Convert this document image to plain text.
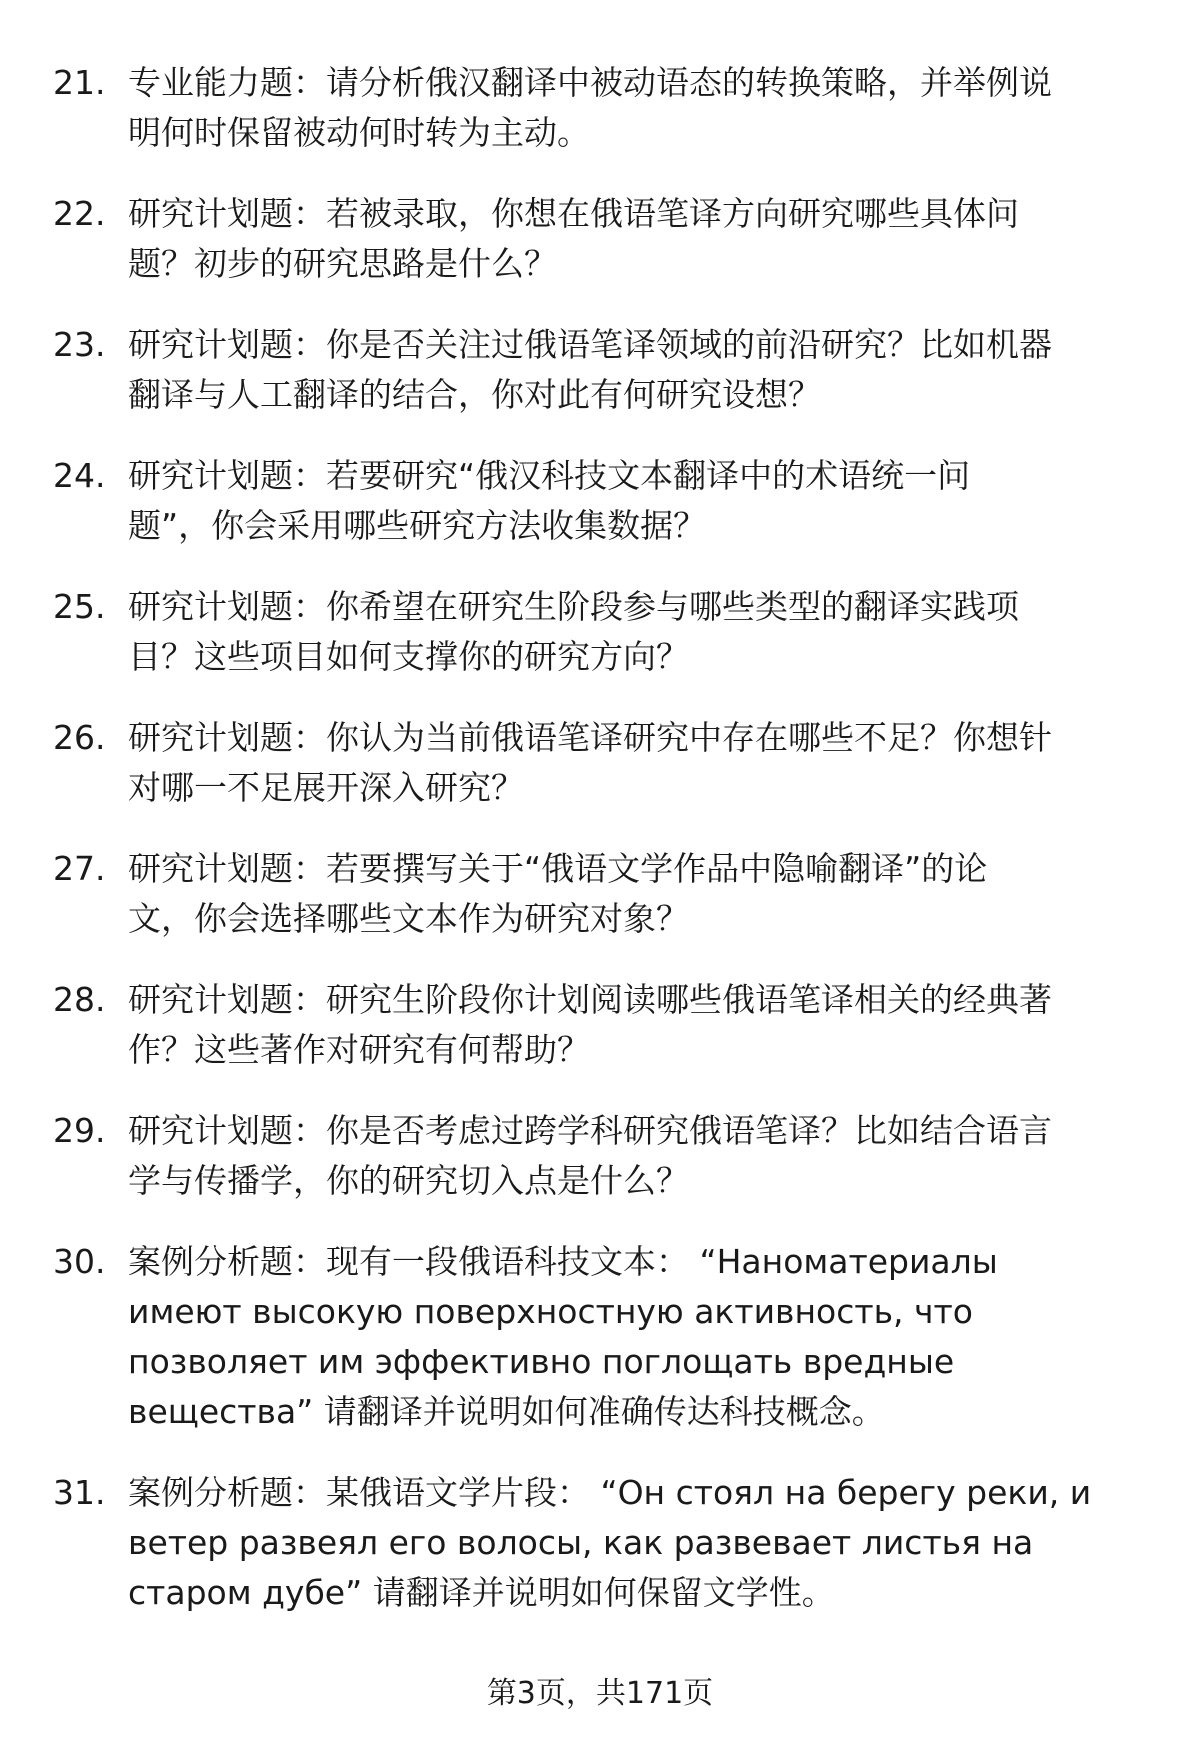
21. 专业能力题：请分析俄汉翻译中被动语态的转换策略，并举例说
明何时保留被动何时转为主动。
22. 研究计划题：若被录取，你想在俄语笔译方向研究哪些具体问
题？初步的研究思路是什么？
23. 研究计划题：你是否关注过俄语笔译领域的前沿研究？比如机器
翻译与人工翻译的结合，你对此有何研究设想？
24. 研究计划题：若要研究“俄汉科技文本翻译中的术语统一问
题”，你会采用哪些研究方法收集数据？
25. 研究计划题：你希望在研究生阶段参与哪些类型的翻译实践项
目？这些项目如何支撑你的研究方向？
26. 研究计划题：你认为当前俄语笔译研究中存在哪些不足？你想针
对哪一不足展开深入研究？
27. 研究计划题：若要撰写关于“俄语文学作品中隐喻翻译”的论
文，你会选择哪些文本作为研究对象？
28. 研究计划题：研究生阶段你计划阅读哪些俄语笔译相关的经典著
作？这些著作对研究有何帮助？
29. 研究计划题：你是否考虑过跨学科研究俄语笔译？比如结合语言
学与传播学，你的研究切入点是什么？
30. 案例分析题：现有一段俄语科技文本： “Наноматериалы
имеют высокую поверхностную активность, что
позволяет им эффективно поглощать вредные
вещества” 请翻译并说明如何准确传达科技概念。
31. 案例分析题：某俄语文学片段： “Он стоял на берегу реки, и
ветер развеял его волосы, как развевает листья на
старом дубе” 请翻译并说明如何保留文学性。
第3页，共171页
